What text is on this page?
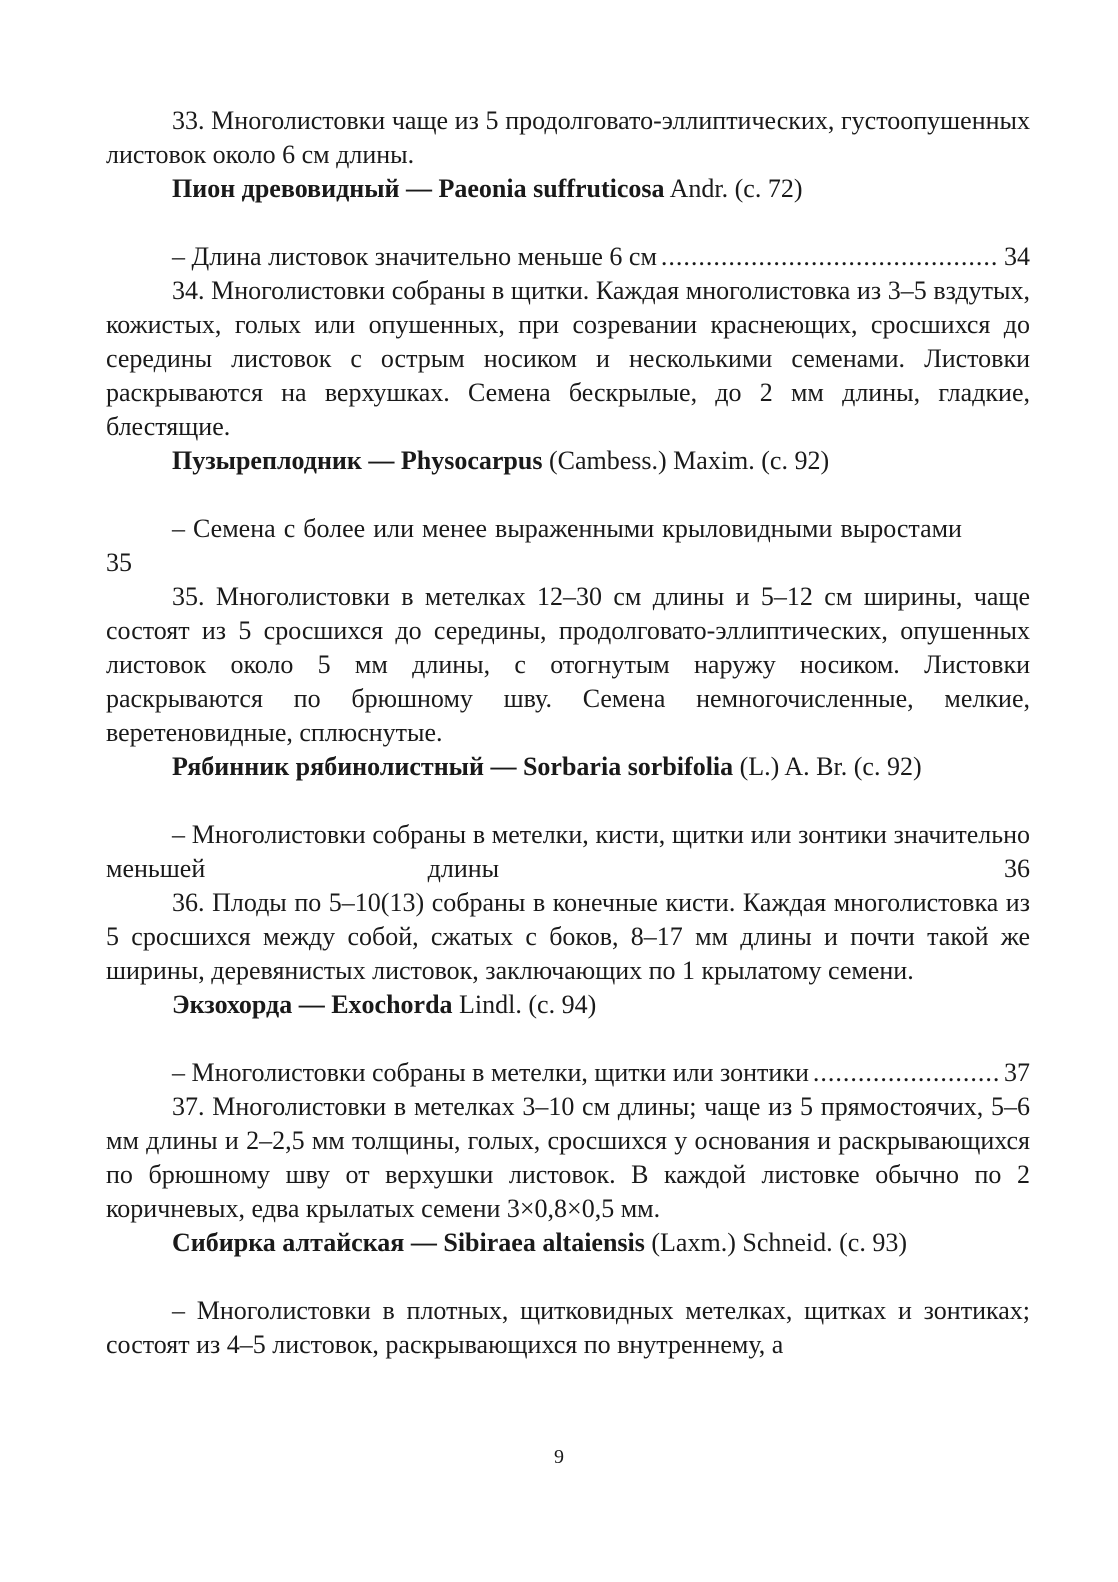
33. Многолистовки чаще из 5 продолговато-эллиптических, густоопушенных листовок около 6 см длины.

Пион древовидный — Paeonia suffruticosa Andr. (с. 72)

– Длина листовок значительно меньше 6 см .....	34

34. Многолистовки собраны в щитки. Каждая многолистовка из 3–5 вздутых, кожистых, голых или опушенных, при созревании краснеющих, сросшихся до середины листовок с острым носиком и несколькими семенами. Листовки раскрываются на верхушках. Семена бескрылые, до 2 мм длины, гладкие, блестящие.

Пузыреплодник — Physocarpus (Cambess.) Maxim. (с. 92)

– Семена с более или менее выраженными крыловидными выростами  35

35. Многолистовки в метелках 12–30 см длины и 5–12 см ширины, чаще состоят из 5 сросшихся до середины, продолговато-эллиптических, опушенных листовок около 5 мм длины, с отогнутым наружу носиком. Листовки раскрываются по брюшному шву. Семена немногочисленные, мелкие, веретеновидные, сплюснутые.

Рябинник рябинолистный — Sorbaria sorbifolia (L.) A. Br. (с. 92)

– Многолистовки собраны в метелки, кисти, щитки или зонтики значительно меньшей длины	36

36. Плоды по 5–10(13) собраны в конечные кисти. Каждая многолистовка из 5 сросшихся между собой, сжатых с боков, 8–17 мм длины и почти такой же ширины, деревянистых листовок, заключающих по 1 крылатому семени.

Экзохорда — Exochorda Lindl. (с. 94)

– Многолистовки собраны в метелки, щитки или зонтики .....	37

37. Многолистовки в метелках 3–10 см длины; чаще из 5 прямостоячих, 5–6 мм длины и 2–2,5 мм толщины, голых, сросшихся у основания и раскрывающихся по брюшному шву от верхушки листовок. В каждой листовке обычно по 2 коричневых, едва крылатых семени 3×0,8×0,5 мм.

Сибирка алтайская — Sibiraea altaiensis (Laxm.) Schneid. (с. 93)

– Многолистовки в плотных, щитковидных метелках, щитках и зонтиках; состоят из 4–5 листовок, раскрывающихся по внутреннему, а

9
